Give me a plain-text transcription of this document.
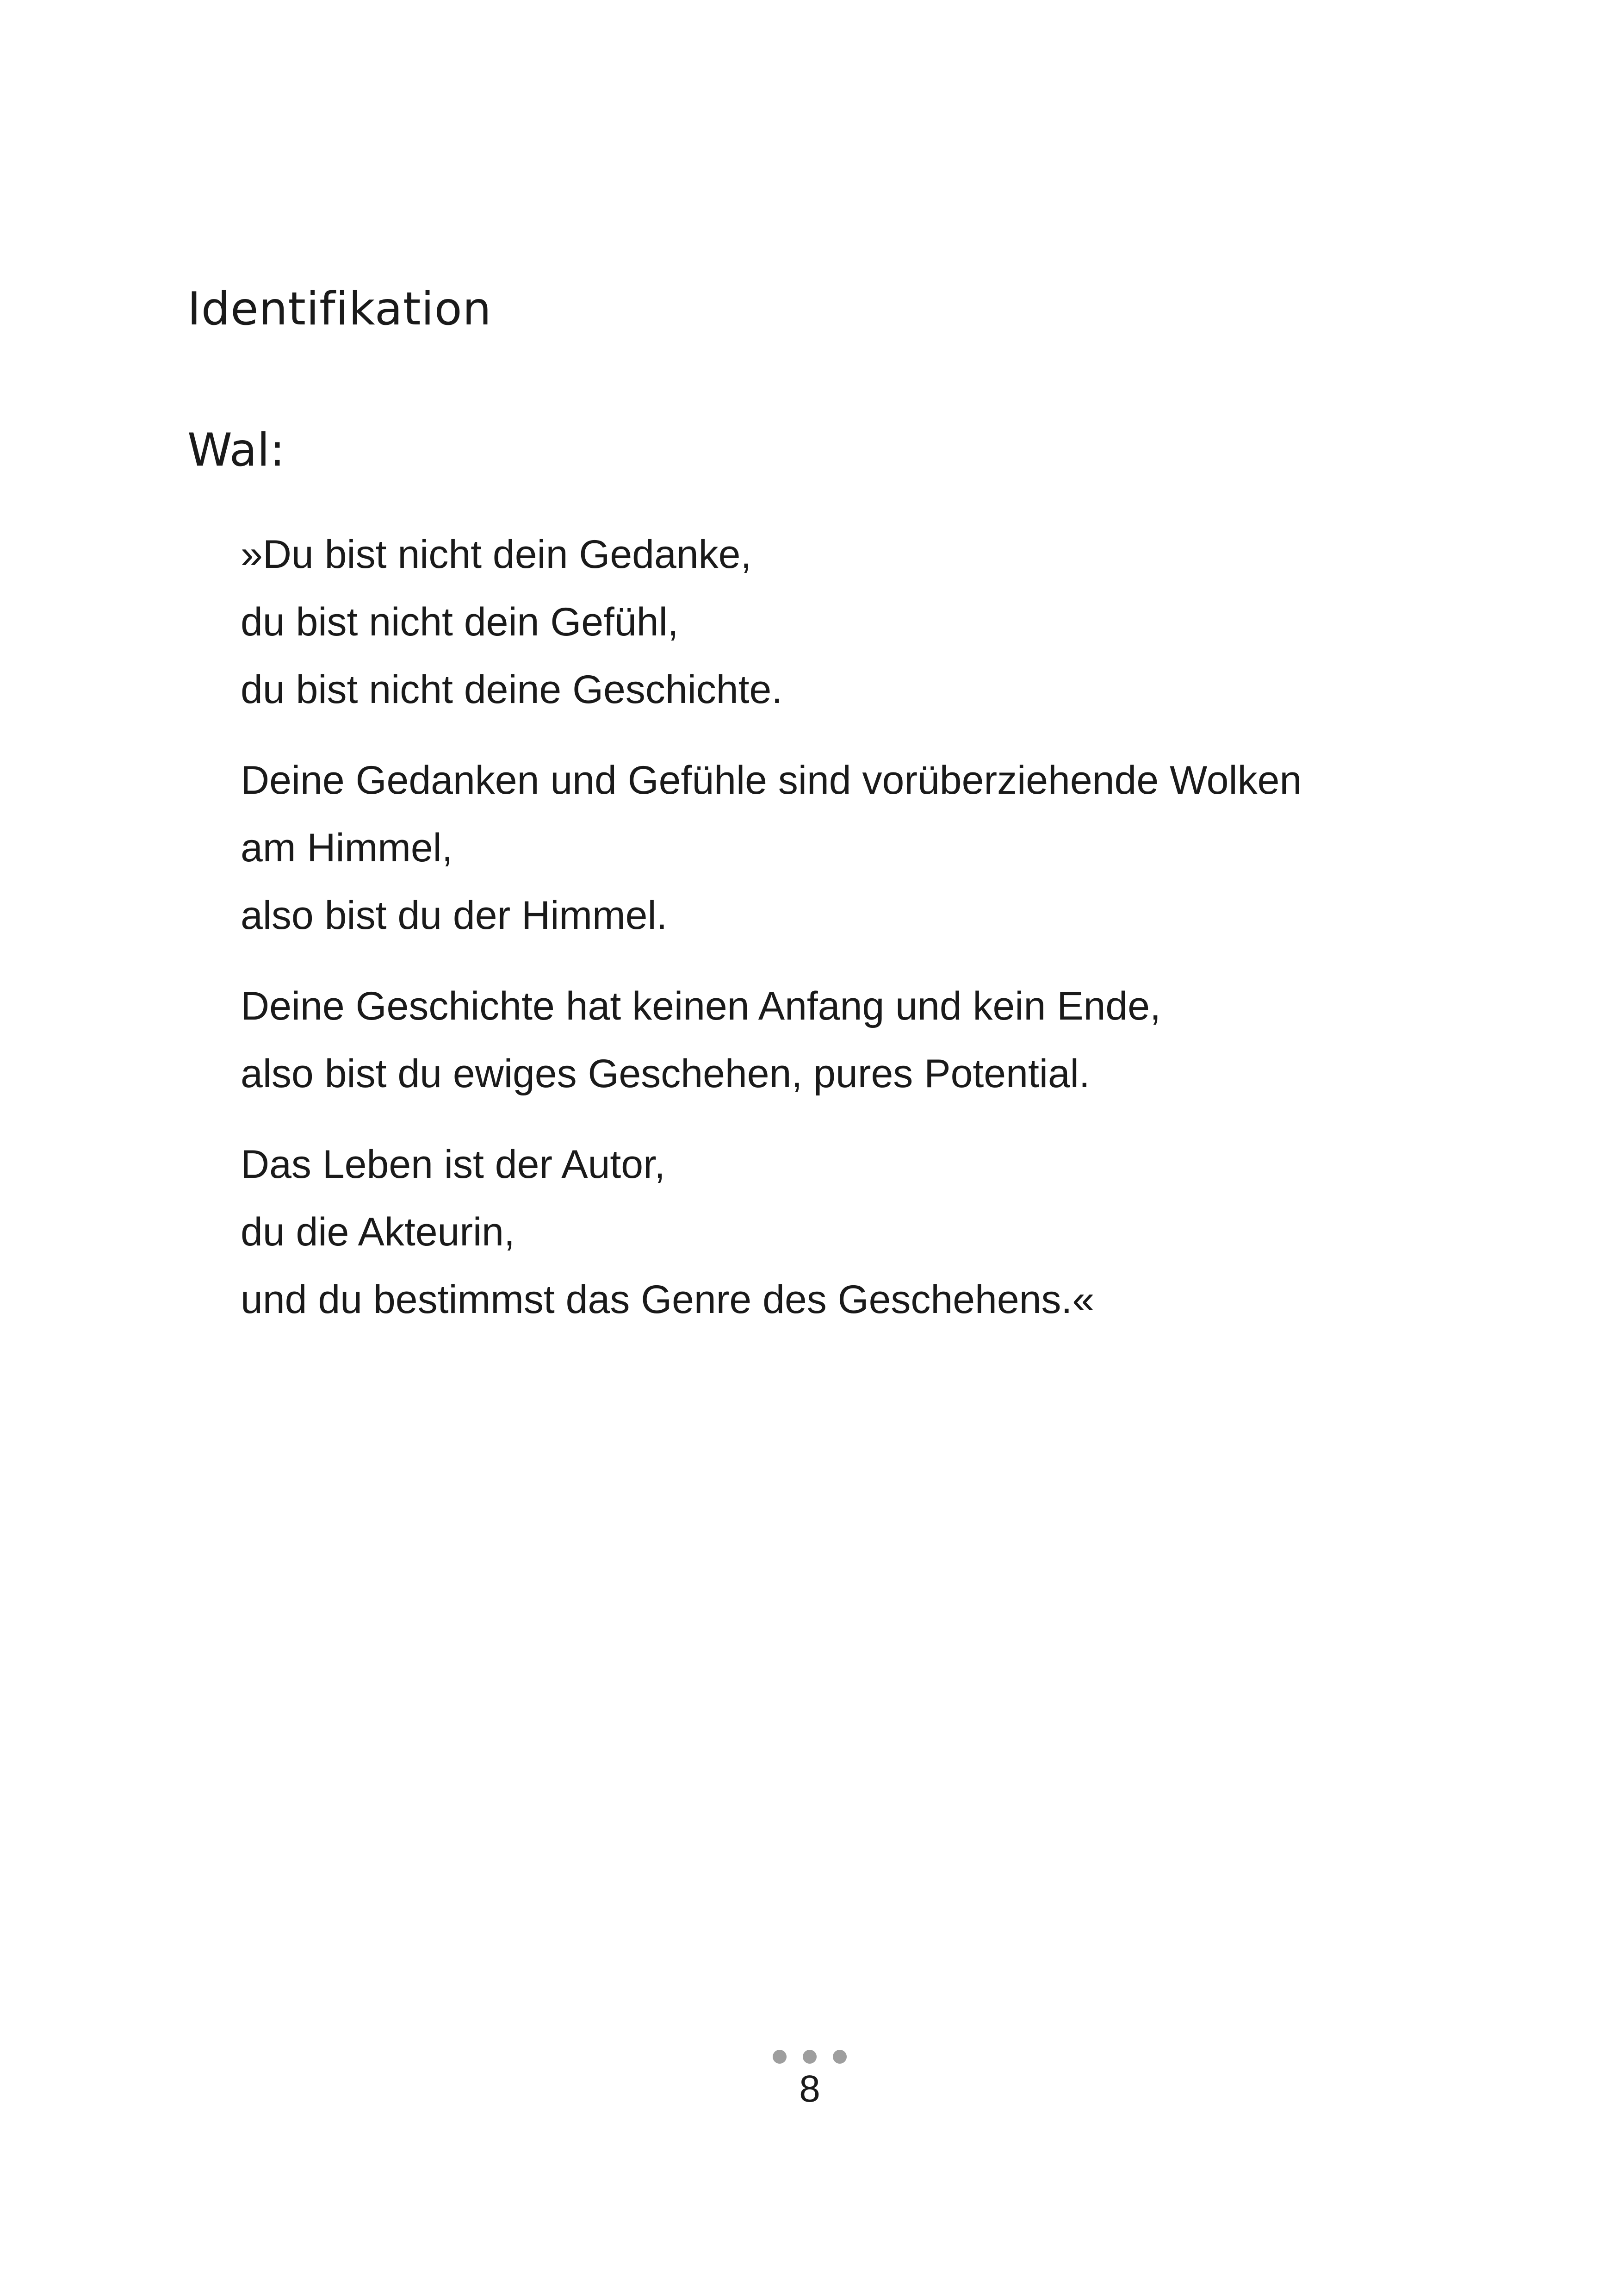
Identifikation

Wal:

»Du bist nicht dein Gedanke,
du bist nicht dein Gefühl,
du bist nicht deine Geschichte.
Deine Gedanken und Gefühle sind vorüberziehende Wolken
am Himmel,
also bist du der Himmel.
Deine Geschichte hat keinen Anfang und kein Ende,
also bist du ewiges Geschehen, pures Potential.
Das Leben ist der Autor,
du die Akteurin,
und du bestimmst das Genre des Geschehens.«
8
